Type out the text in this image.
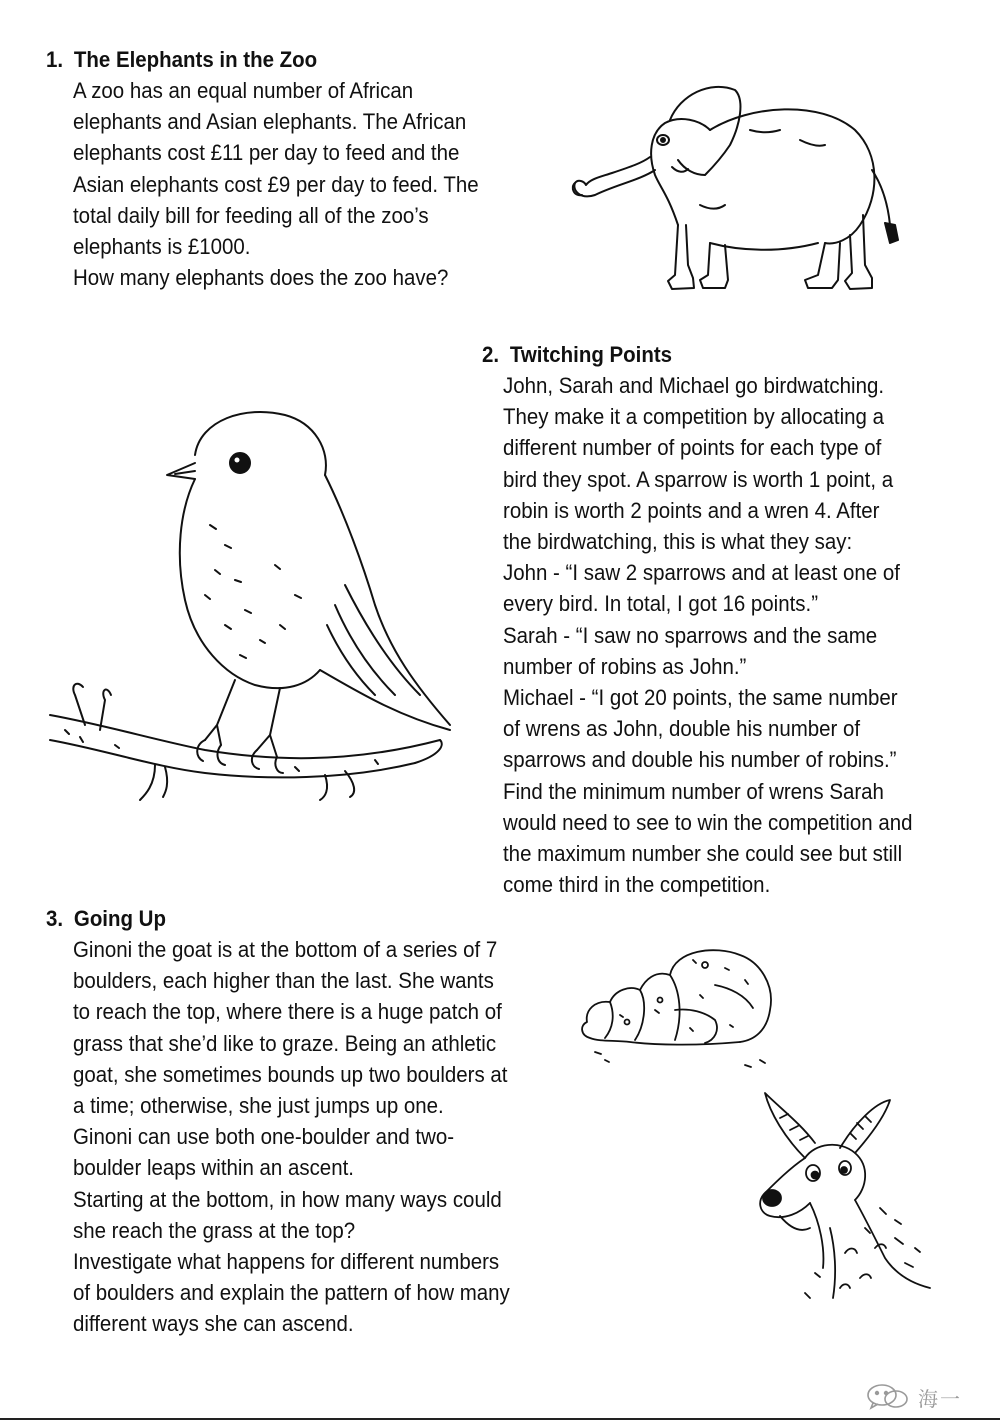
1. The Elephants in the Zoo
A zoo has an equal number of African
elephants and Asian elephants. The African
elephants cost £11 per day to feed and the
Asian elephants cost £9 per day to feed. The
total daily bill for feeding all of the zoo’s
elephants is £1000.
How many elephants does the zoo have?
2. Twitching Points
John, Sarah and Michael go birdwatching.
They make it a competition by allocating a
different number of points for each type of
bird they spot. A sparrow is worth 1 point, a
robin is worth 2 points and a wren 4. After
the birdwatching, this is what they say:
John - “I saw 2 sparrows and at least one of
every bird. In total, I got 16 points.”
Sarah - “I saw no sparrows and the same
number of robins as John.”
Michael - “I got 20 points, the same number
of wrens as John, double his number of
sparrows and double his number of robins.”
Find the minimum number of wrens Sarah
would need to see to win the competition and
the maximum number she could see but still
come third in the competition.
3. Going Up
Ginoni the goat is at the bottom of a series of 7
boulders, each higher than the last. She wants
to reach the top, where there is a huge patch of
grass that she’d like to graze. Being an athletic
goat, she sometimes bounds up two boulders at
a time; otherwise, she just jumps up one.
Ginoni can use both one-boulder and two-
boulder leaps within an ascent.
Starting at the bottom, in how many ways could
she reach the grass at the top?
Investigate what happens for different numbers
of boulders and explain the pattern of how many
different ways she can ascend.
海一
